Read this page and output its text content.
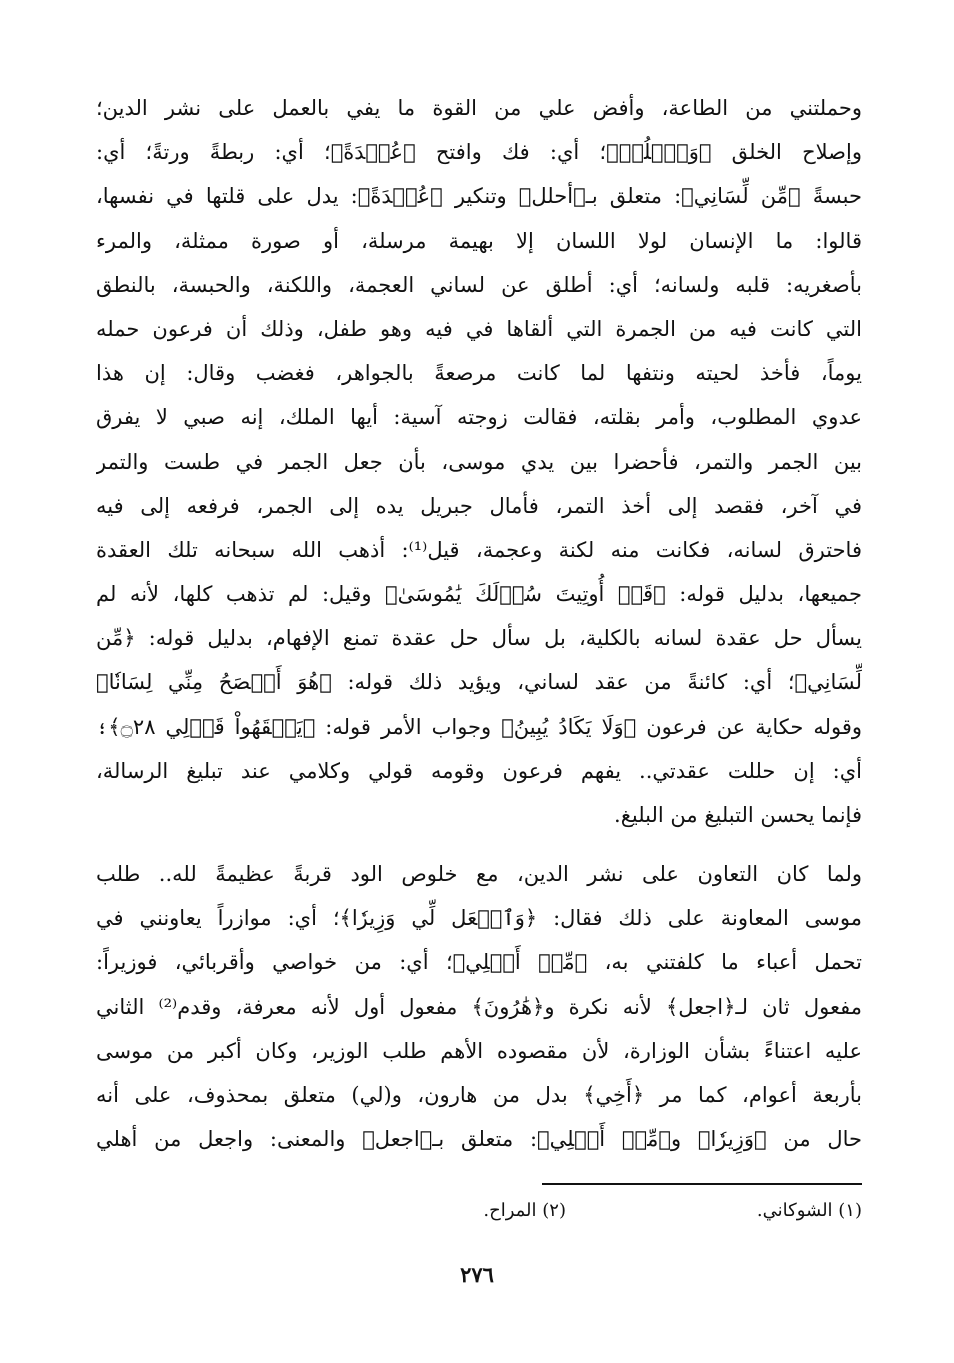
وحملتني من الطاعة، وأفض علي من القوة ما يفي بالعمل على نشر الدين؛
وإصلاح الخلق ﴿وَٱحۡلُلۡ﴾؛ أي: فك وافتح ﴿عُقۡدَةً﴾؛ أي: ربطةً ورتةً؛ أي:
حبسةً ﴿مِّن لِّسَانِي﴾: متعلق بـ﴿أحلل﴾ وتنكير ﴿عُقۡدَةً﴾: يدل على قلتها في نفسها،
قالوا: ما الإنسان لولا اللسان إلا بهيمة مرسلة، أو صورة ممثلة، والمرء
بأصغريه: قلبه ولسانه؛ أي: أطلق عن لساني العجمة، واللكنة، والحبسة، بالنطق
التي كانت فيه من الجمرة التي ألقاها في فيه وهو طفل، وذلك أن فرعون حمله
يوماً، فأخذ لحيته ونتفها لما كانت مرصعةً بالجواهر، فغضب وقال: إن هذا
عدوي المطلوب، وأمر بقلته، فقالت زوجته آسية: أيها الملك، إنه صبي لا يفرق
بين الجمر والتمر، فأحضرا بين يدي موسى، بأن جعل الجمر في طست والتمر
في آخر، فقصد إلى أخذ التمر، فأمال جبريل يده إلى الجمر، فرفعه إلى فيه
فاحترق لسانه، فكانت منه لكنة وعجمة، قيل⁽¹⁾: أذهب الله سبحانه تلك العقدة
جميعها، بدليل قوله: ﴿قَدۡ أُوتِيتَ سُؤۡلَكَ يَٰمُوسَىٰ﴾ وقيل: لم تذهب كلها، لأنه لم
يسأل حل عقدة لسانه بالكلية، بل سأل حل عقدة تمنع الإفهام، بدليل قوله: ﴿مِّن
لِّسَانِي﴾؛ أي: كائنةً من عقد لساني، ويؤيد ذلك قوله: ﴿هُوَ أَفۡصَحُ مِنِّي لِسَانٗا﴾
وقوله حكاية عن فرعون ﴿وَلَا يَكَادُ يُبِينُ﴾ وجواب الأمر قوله: ﴿يَفۡقَهُواْ قَوۡلِي ۝٢٨﴾؛
أي: إن حللت عقدتي.. يفهم فرعون وقومه قولي وكلامي عند تبليغ الرسالة،
فإنما يحسن التبليغ من البليغ.
ولما كان التعاون على نشر الدين، مع خلوص الود قربةً عظيمةً لله.. طلب
موسى المعاونة على ذلك فقال: ﴿وَٱجۡعَل لِّي وَزِيرٗا﴾؛ أي: موازراً يعاونني في
تحمل أعباء ما كلفتني به، ﴿مِّنۡ أَهۡلِي﴾؛ أي: من خواصي وأقربائي، فوزيراً:
مفعول ثان لـ﴿اجعل﴾ لأنه نكرة و﴿هَٰرُونَ﴾ مفعول أول لأنه معرفة، وقدم⁽²⁾ الثاني
عليه اعتناءً بشأن الوزارة، لأن مقصوده الأهم طلب الوزير، وكان أكبر من موسى
بأربعة أعوام، كما مر ﴿أَخِي﴾ بدل من هارون، و(لي) متعلق بمحذوف، على أنه
حال من ﴿وَزِيرٗا﴾ و﴿مِّنۡ أَهۡلِي﴾: متعلق بـ﴿اجعل﴾ والمعنى: واجعل من أهلي
(١) الشوكاني.
(٢) المراح.
٢٧٦
